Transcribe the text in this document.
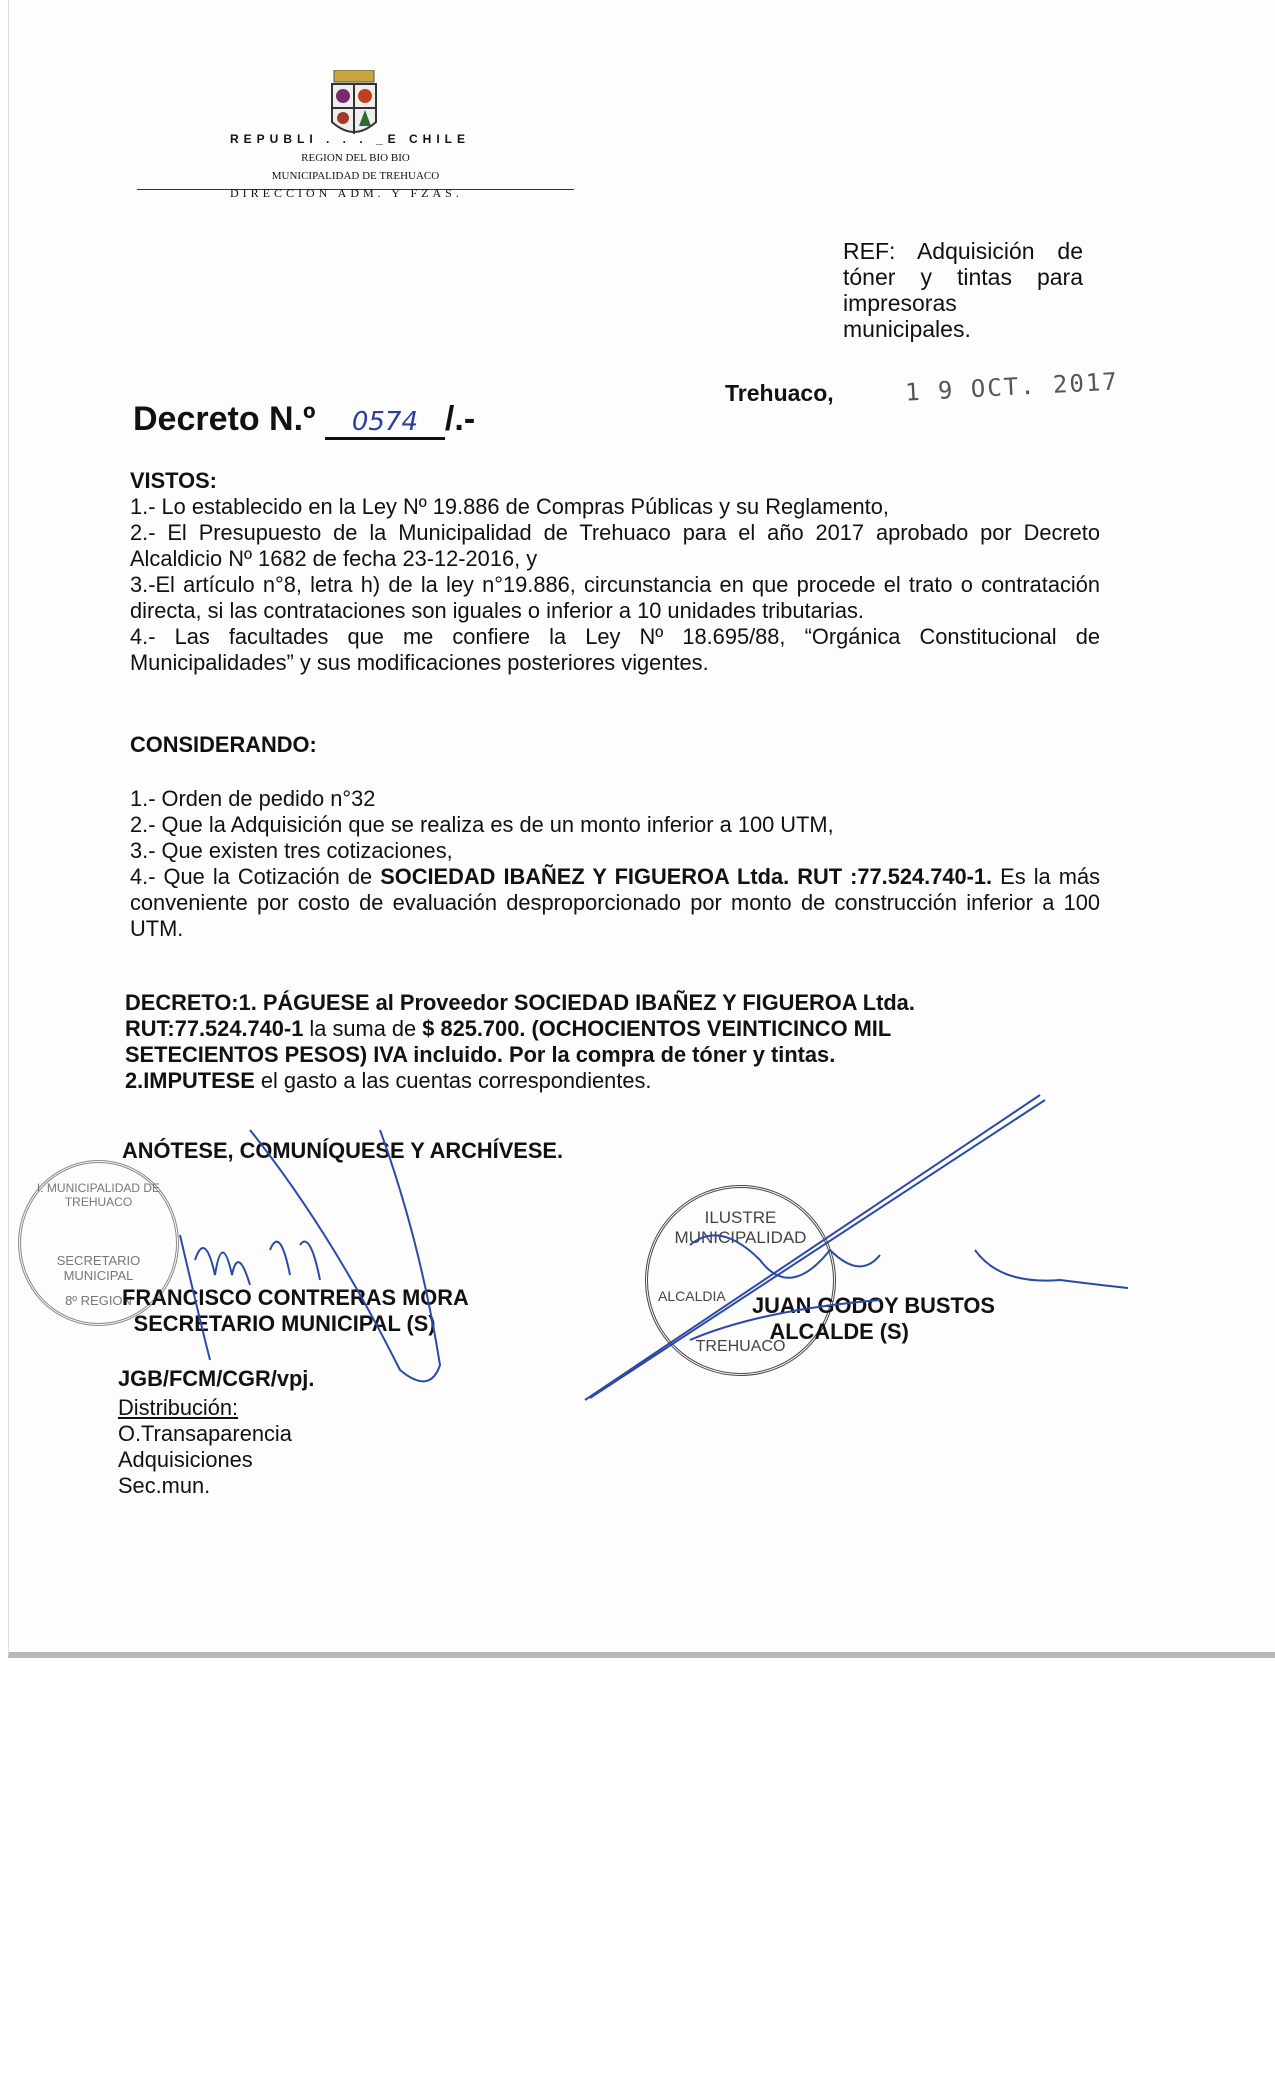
REPUBLI . . . _E CHILE
REGION DEL BIO BIO
MUNICIPALIDAD DE TREHUACO
DIRECCION ADM. Y FZAS.
REF: Adquisición de
tóner y tintas para
impresoras
municipales.
Trehuaco,	1 9 OCT. 2017
Decreto N.º 0574 /.-
VISTOS:
1.- Lo establecido en la Ley Nº 19.886 de Compras Públicas y su Reglamento,
2.- El Presupuesto de la Municipalidad de Trehuaco para el año 2017 aprobado por Decreto Alcaldicio Nº 1682 de fecha 23-12-2016, y
3.-El artículo n°8, letra h) de la ley n°19.886, circunstancia en que procede el trato o contratación directa, si las contrataciones son iguales o inferior a 10 unidades tributarias.
4.- Las facultades que me confiere la Ley Nº 18.695/88, “Orgánica Constitucional de Municipalidades” y sus modificaciones posteriores vigentes.
CONSIDERANDO:
1.- Orden de pedido n°32
2.- Que la Adquisición que se realiza es de un monto inferior a 100 UTM,
3.- Que existen tres cotizaciones,
4.- Que la Cotización de SOCIEDAD IBAÑEZ Y FIGUEROA Ltda. RUT :77.524.740-1. Es la más conveniente por costo de evaluación desproporcionado por monto de construcción inferior a 100 UTM.
DECRETO:1. PÁGUESE al Proveedor SOCIEDAD IBAÑEZ Y FIGUEROA Ltda. RUT:77.524.740-1 la suma de $ 825.700. (OCHOCIENTOS VEINTICINCO MIL SETECIENTOS PESOS) IVA incluido. Por la compra de tóner y tintas.
2.IMPUTESE el gasto a las cuentas correspondientes.
ANÓTESE, COMUNÍQUESE Y ARCHÍVESE.
I. MUNICIPALIDAD DE TREHUACO
SECRETARIO MUNICIPAL
8º REGION
ILUSTRE MUNICIPALIDAD
ALCALDIA
TREHUACO
FRANCISCO CONTRERAS MORA
SECRETARIO MUNICIPAL (S)
JUAN GODOY BUSTOS
ALCALDE (S)
JGB/FCM/CGR/vpj.
Distribución:
O.Transaparencia
Adquisiciones
Sec.mun.
